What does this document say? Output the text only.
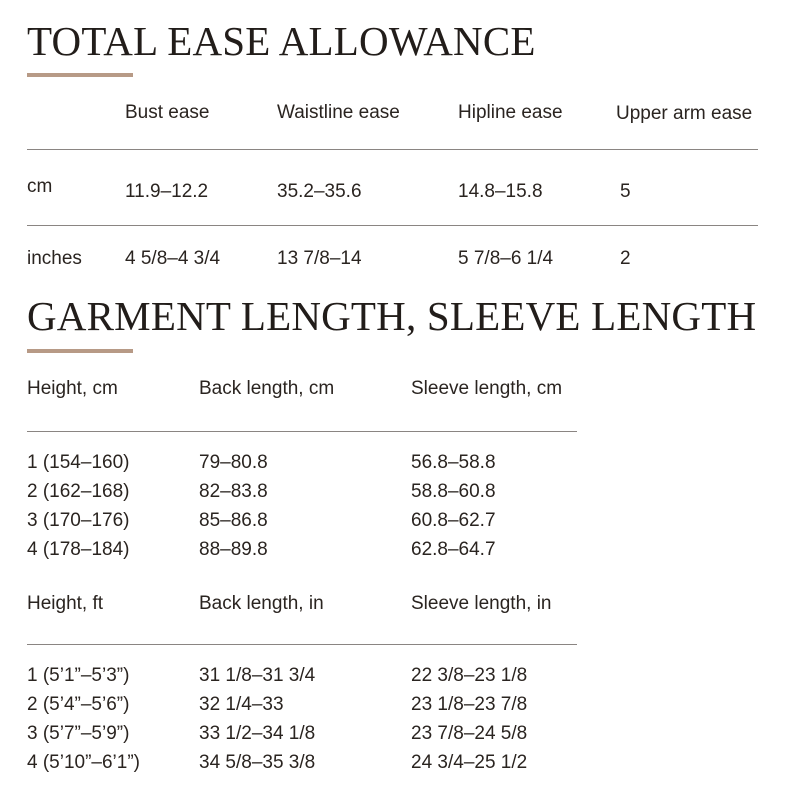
TOTAL EASE ALLOWANCE
Bust ease	Waistline ease	Hipline ease	Upper arm ease
cm	11.9–12.2	35.2–35.6	14.8–15.8	5
inches 4 5/8–4 3/4	13 7/8–14	5 7/8–6 1/4	2
GARMENT LENGTH, SLEEVE LENGTH
Height, cm	Back length, cm	Sleeve length, cm
1 (154–160)	79–80.8	56.8–58.8
2 (162–168)	82–83.8	58.8–60.8
3 (170–176)	85–86.8	60.8–62.7
4 (178–184)	88–89.8	62.8–64.7
Height, ft	Back length, in	Sleeve length, in
1 (5’1”–5’3”)	31 1/8–31 3/4	22 3/8–23 1/8
2 (5’4”–5’6”)	32 1/4–33	23 1/8–23 7/8
3 (5’7”–5’9”)	33 1/2–34 1/8	23 7/8–24 5/8
4 (5’10”–6’1”)	34 5/8–35 3/8	24 3/4–25 1/2
